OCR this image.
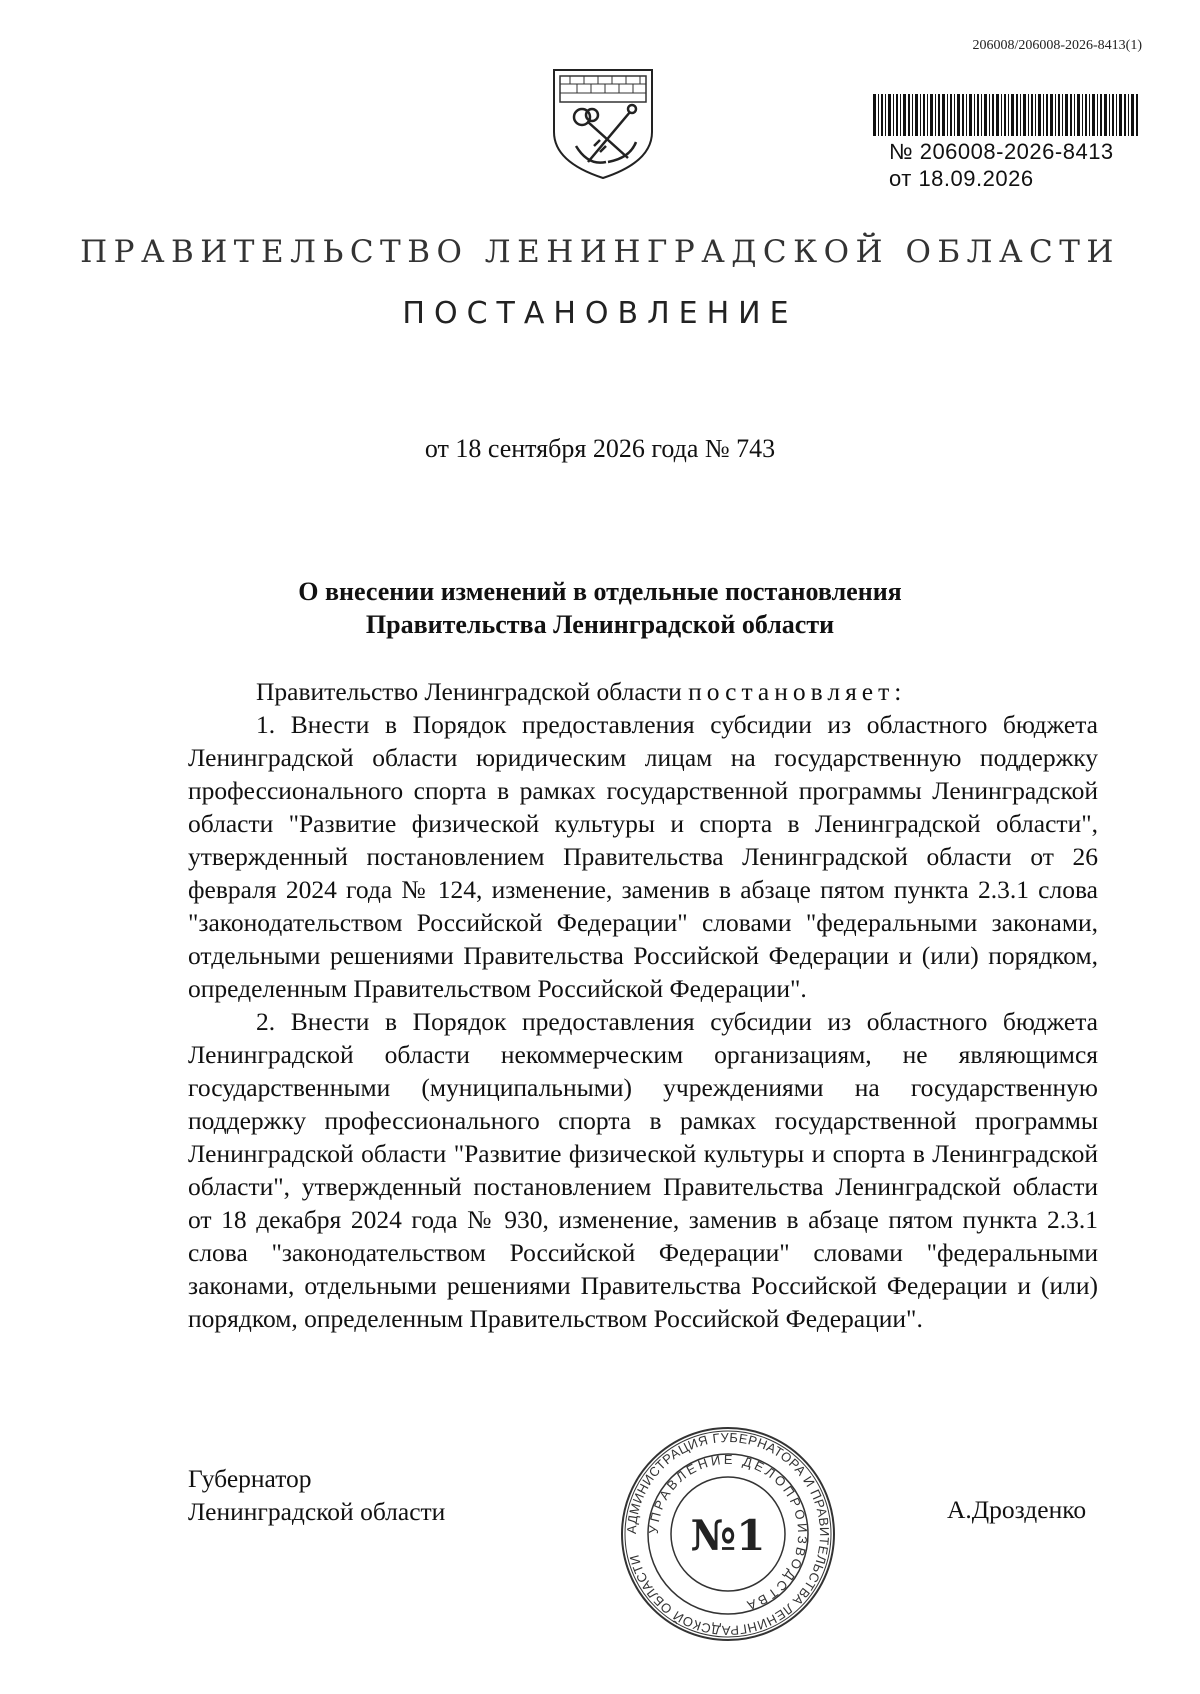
206008/206008-2026-8413(1)
№ 206008-2026-8413
от 18.09.2026
ПРАВИТЕЛЬСТВО ЛЕНИНГРАДСКОЙ ОБЛАСТИ
ПОСТАНОВЛЕНИЕ
от 18 сентября 2026 года № 743
О внесении изменений в отдельные постановления
Правительства Ленинградской области

Правительство Ленинградской области постановляет:

1. Внести в Порядок предоставления субсидии из областного бюджета Ленинградской области юридическим лицам на государственную поддержку профессионального спорта в рамках государственной программы Ленинградской области "Развитие физической культуры и спорта в Ленинградской области", утвержденный постановлением Правительства Ленинградской области от 26 февраля 2024 года № 124, изменение, заменив в абзаце пятом пункта 2.3.1 слова "законодательством Российской Федерации" словами "федеральными законами, отдельными решениями Правительства Российской Федерации и (или) порядком, определенным Правительством Российской Федерации".

2. Внести в Порядок предоставления субсидии из областного бюджета Ленинградской области некоммерческим организациям, не являющимся государственными (муниципальными) учреждениями на государственную поддержку профессионального спорта в рамках государственной программы Ленинградской области "Развитие физической культуры и спорта в Ленинградской области", утвержденный постановлением Правительства Ленинградской области от 18 декабря 2024 года № 930, изменение, заменив в абзаце пятом пункта 2.3.1 слова "законодательством Российской Федерации" словами "федеральными законами, отдельными решениями Правительства Российской Федерации и (или) порядком, определенным Правительством Российской Федерации".

Губернатор
Ленинградской области	А.Дрозденко
АДМИНИСТРАЦИЯ ГУБЕРНАТОРА И ПРАВИТЕЛЬСТВА ЛЕНИНГРАДСКОЙ ОБЛАСТИ
УПРАВЛЕНИЕ ДЕЛОПРОИЗВОДСТВА
№1
